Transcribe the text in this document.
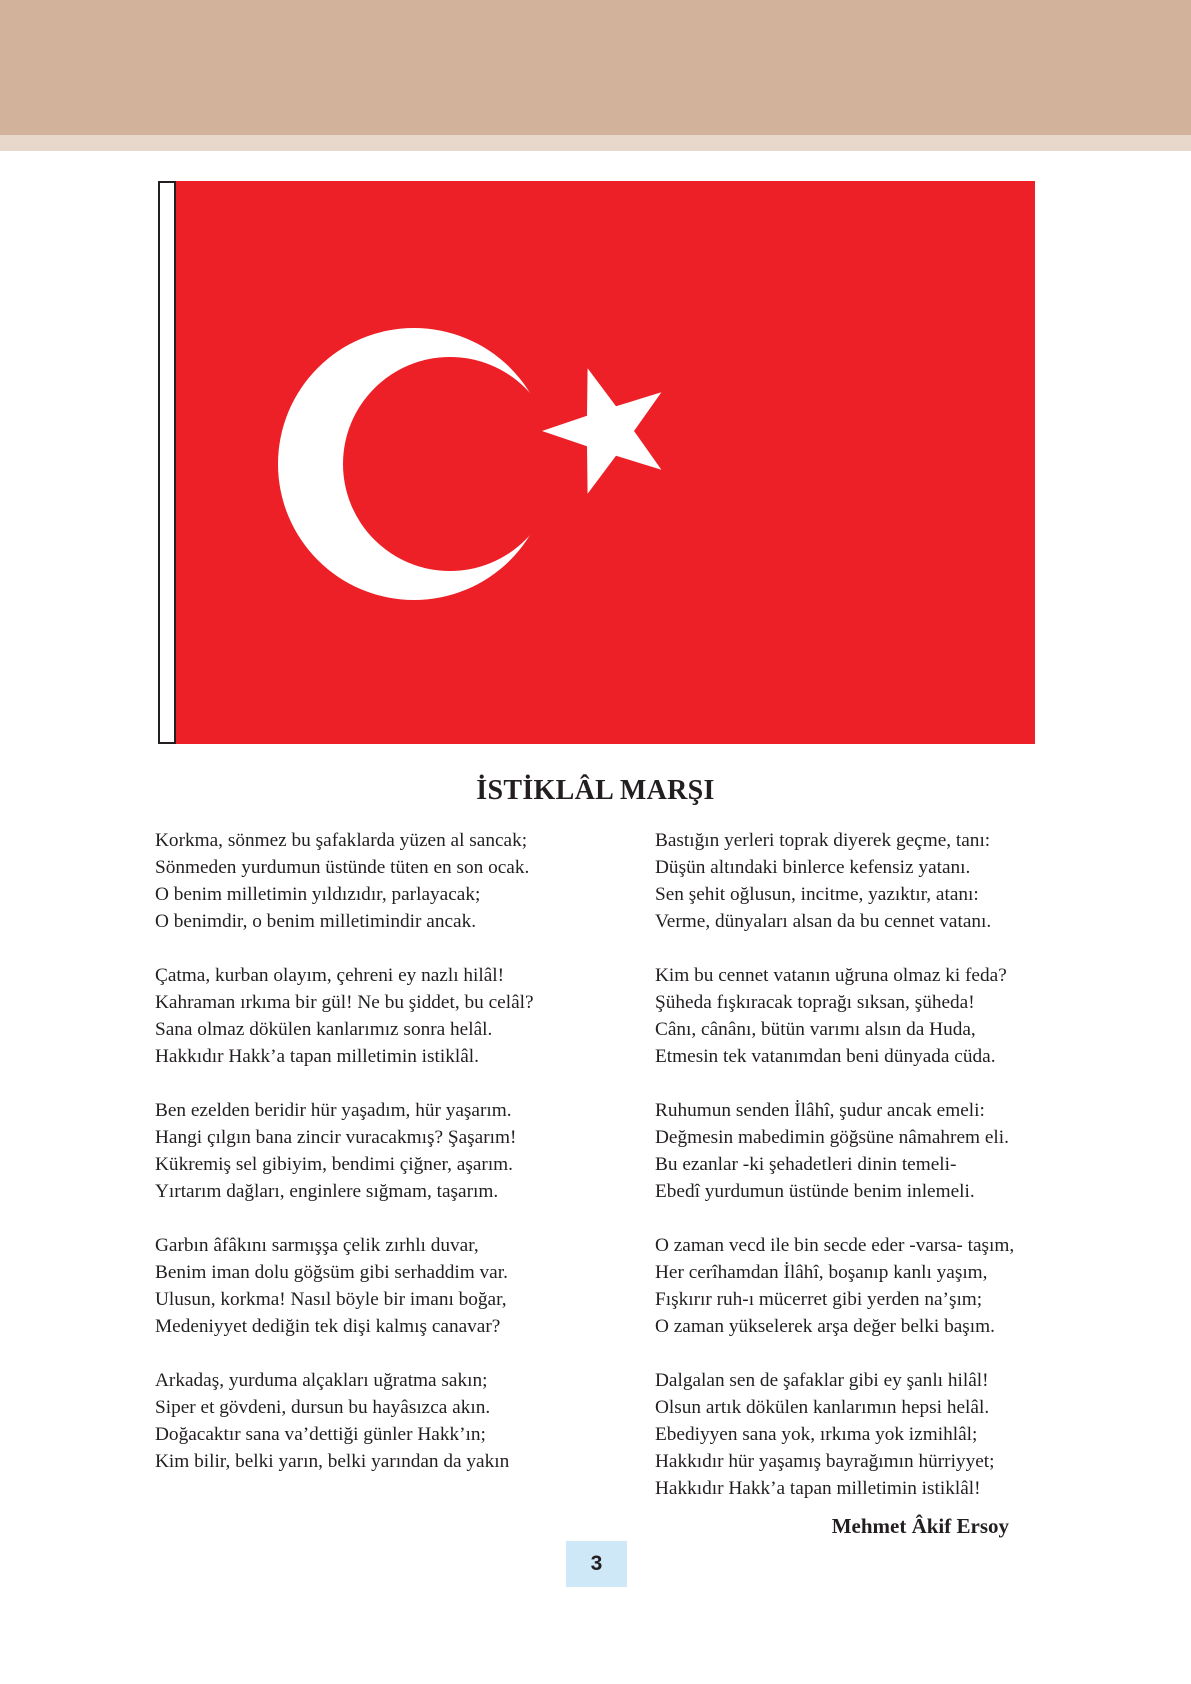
İSTİKLÂL MARŞI
Korkma, sönmez bu şafaklarda yüzen al sancak;
Sönmeden yurdumun üstünde tüten en son ocak.
O benim milletimin yıldızıdır, parlayacak;
O benimdir, o benim milletimindir ancak.
Çatma, kurban olayım, çehreni ey nazlı hilâl!
Kahraman ırkıma bir gül! Ne bu şiddet, bu celâl?
Sana olmaz dökülen kanlarımız sonra helâl.
Hakkıdır Hakk’a tapan milletimin istiklâl.
Ben ezelden beridir hür yaşadım, hür yaşarım.
Hangi çılgın bana zincir vuracakmış? Şaşarım!
Kükremiş sel gibiyim, bendimi çiğner, aşarım.
Yırtarım dağları, enginlere sığmam, taşarım.
Garbın âfâkını sarmışşa çelik zırhlı duvar,
Benim iman dolu göğsüm gibi serhaddim var.
Ulusun, korkma! Nasıl böyle bir imanı boğar,
Medeniyyet dediğin tek dişi kalmış canavar?
Arkadaş, yurduma alçakları uğratma sakın;
Siper et gövdeni, dursun bu hayâsızca akın.
Doğacaktır sana va’dettiği günler Hakk’ın;
Kim bilir, belki yarın, belki yarından da yakın
Bastığın yerleri toprak diyerek geçme, tanı:
Düşün altındaki binlerce kefensiz yatanı.
Sen şehit oğlusun, incitme, yazıktır, atanı:
Verme, dünyaları alsan da bu cennet vatanı.
Kim bu cennet vatanın uğruna olmaz ki feda?
Şüheda fışkıracak toprağı sıksan, şüheda!
Cânı, cânânı, bütün varımı alsın da Huda,
Etmesin tek vatanımdan beni dünyada cüda.
Ruhumun senden İlâhî, şudur ancak emeli:
Değmesin mabedimin göğsüne nâmahrem eli.
Bu ezanlar -ki şehadetleri dinin temeli-
Ebedî yurdumun üstünde benim inlemeli.
O zaman vecd ile bin secde eder -varsa- taşım,
Her cerîhamdan İlâhî, boşanıp kanlı yaşım,
Fışkırır ruh-ı mücerret gibi yerden na’şım;
O zaman yükselerek arşa değer belki başım.
Dalgalan sen de şafaklar gibi ey şanlı hilâl!
Olsun artık dökülen kanlarımın hepsi helâl.
Ebediyyen sana yok, ırkıma yok izmihlâl;
Hakkıdır hür yaşamış bayrağımın hürriyyet;
Hakkıdır Hakk’a tapan milletimin istiklâl!

Mehmet Âkif Ersoy

3
